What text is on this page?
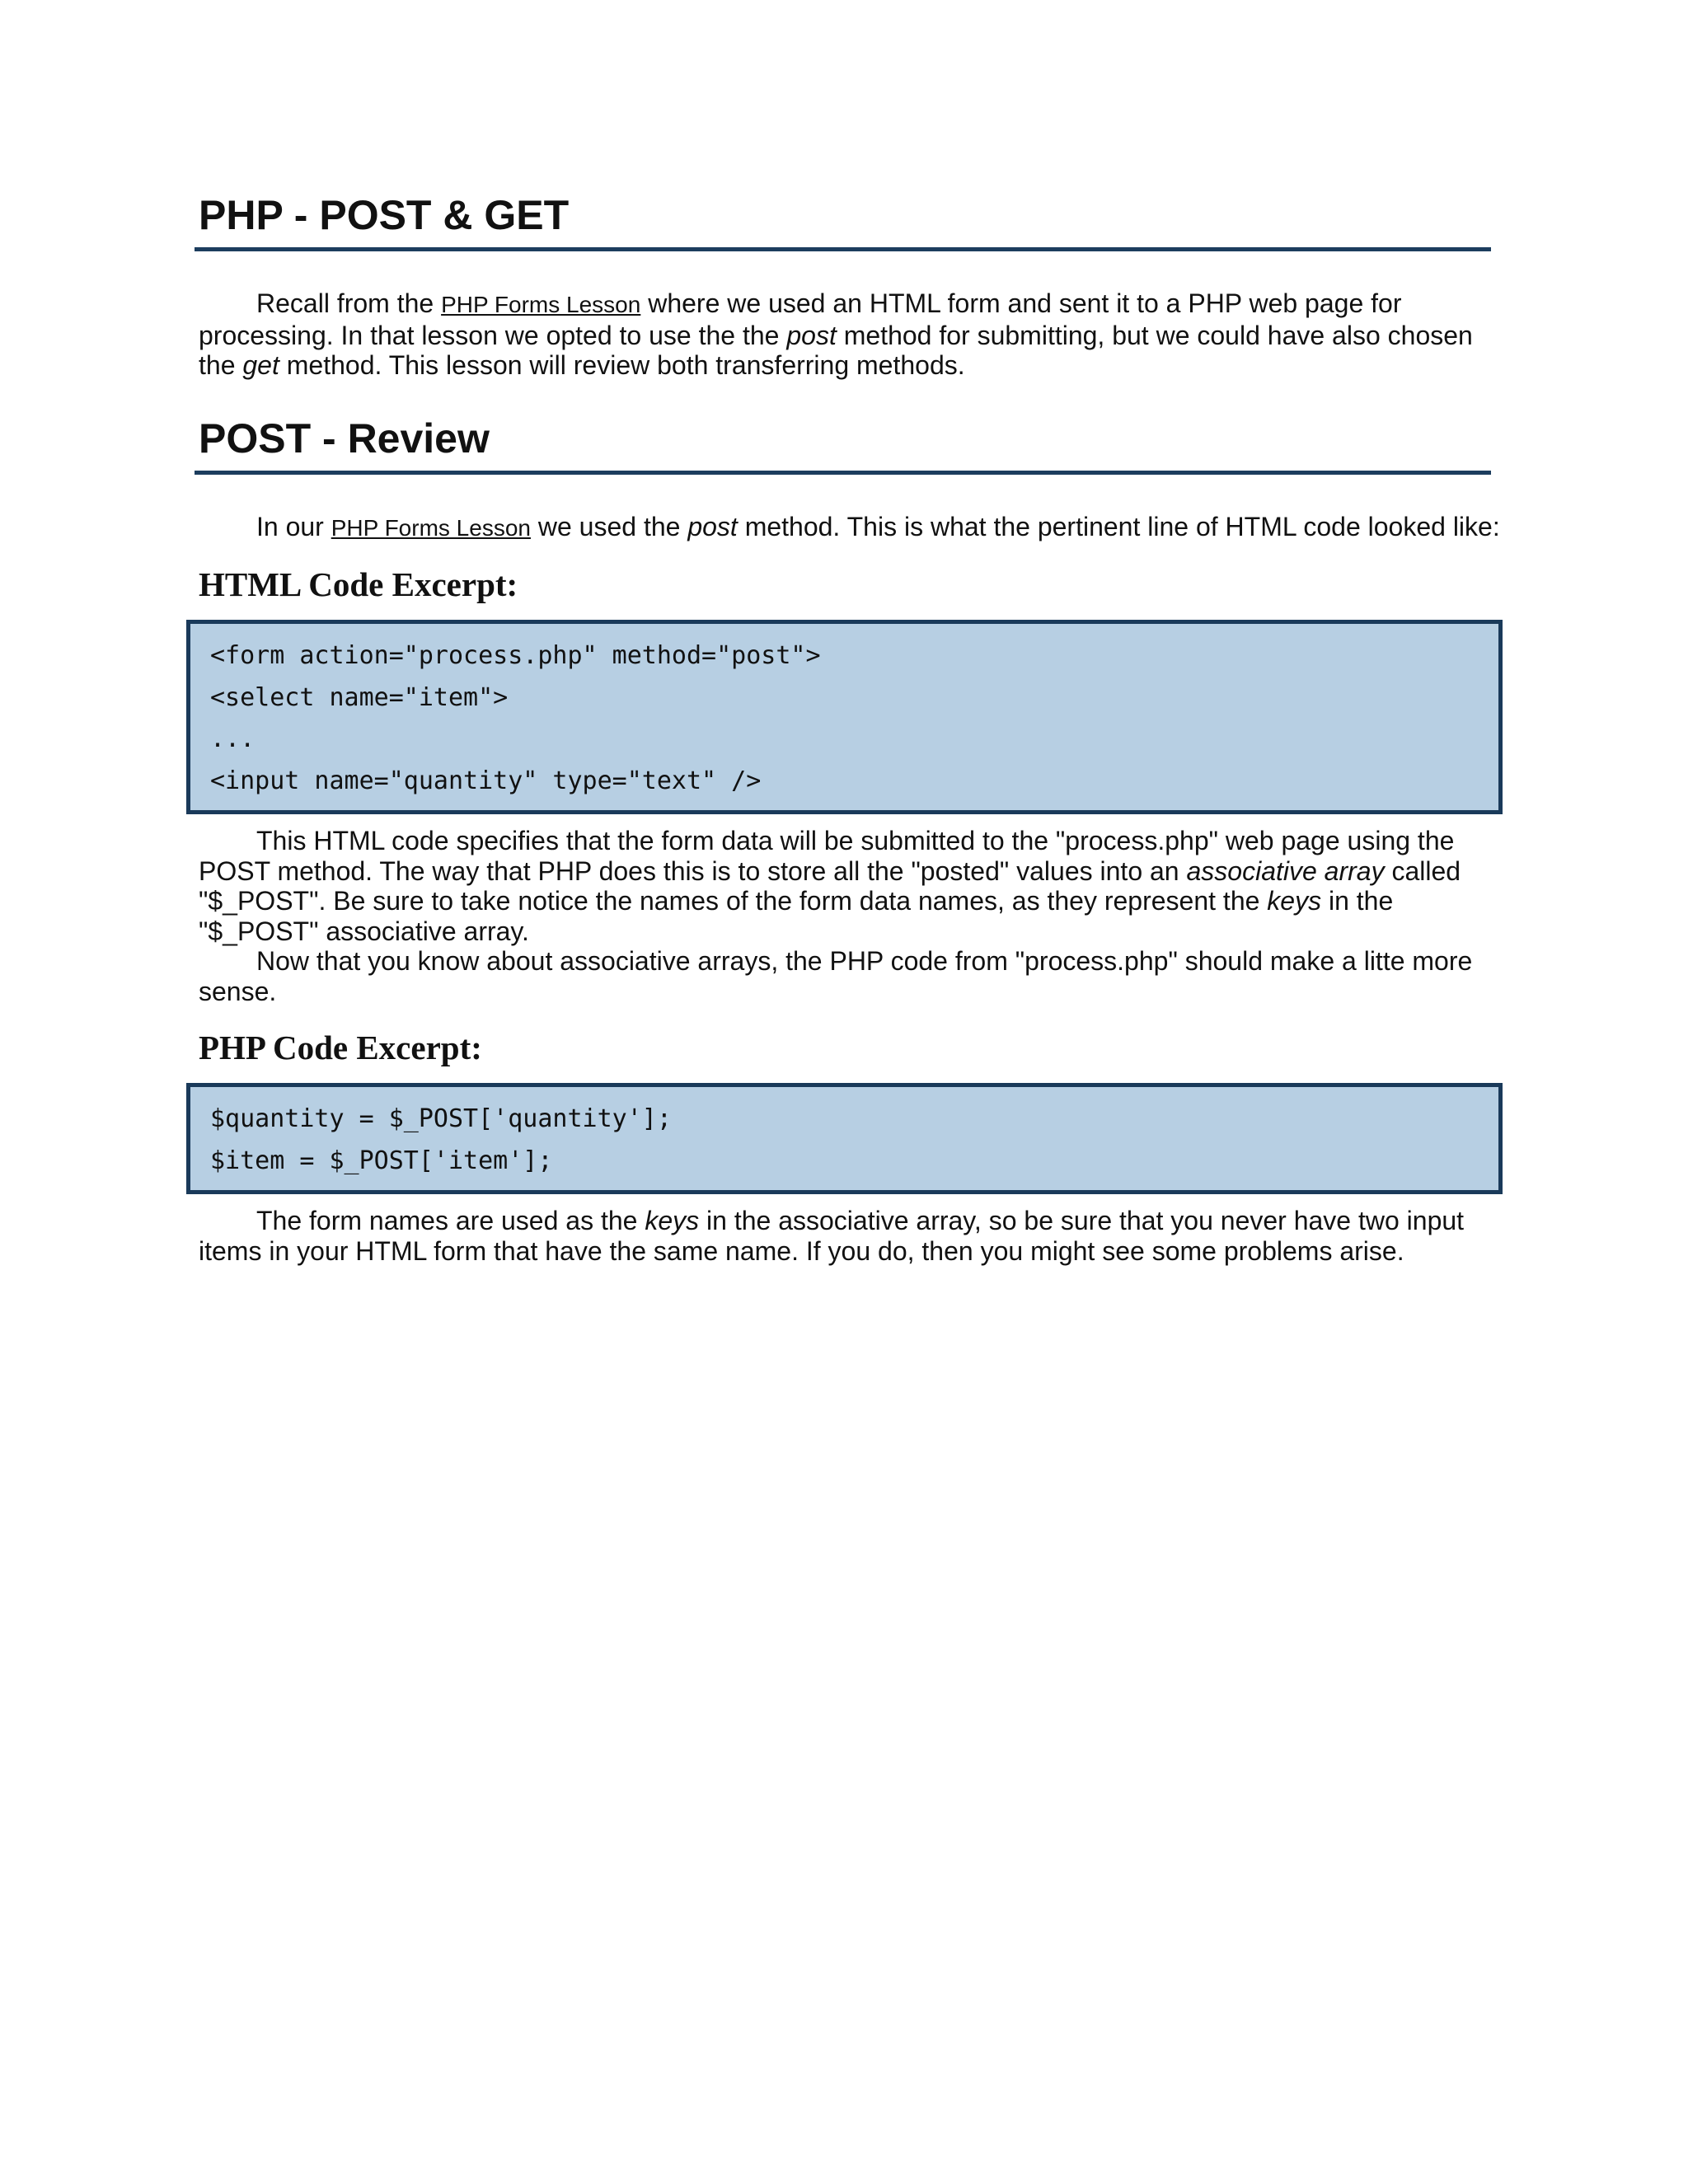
PHP - POST & GET

Recall from the PHP Forms Lesson where we used an HTML form and sent it to a PHP web page for processing. In that lesson we opted to use the the post method for submitting, but we could have also chosen the get method. This lesson will review both transferring methods.

POST - Review

In our PHP Forms Lesson we used the post method. This is what the pertinent line of HTML code looked like:

HTML Code Excerpt:
<form action="process.php" method="post">
<select name="item">
...
<input name="quantity" type="text" />

This HTML code specifies that the form data will be submitted to the "process.php" web page using the POST method. The way that PHP does this is to store all the "posted" values into an associative array called "$_POST". Be sure to take notice the names of the form data names, as they represent the keys in the "$_POST" associative array.

Now that you know about associative arrays, the PHP code from "process.php" should make a litte more sense.

PHP Code Excerpt:
$quantity = $_POST['quantity'];
$item = $_POST['item'];

The form names are used as the keys in the associative array, so be sure that you never have two input items in your HTML form that have the same name. If you do, then you might see some problems arise.
